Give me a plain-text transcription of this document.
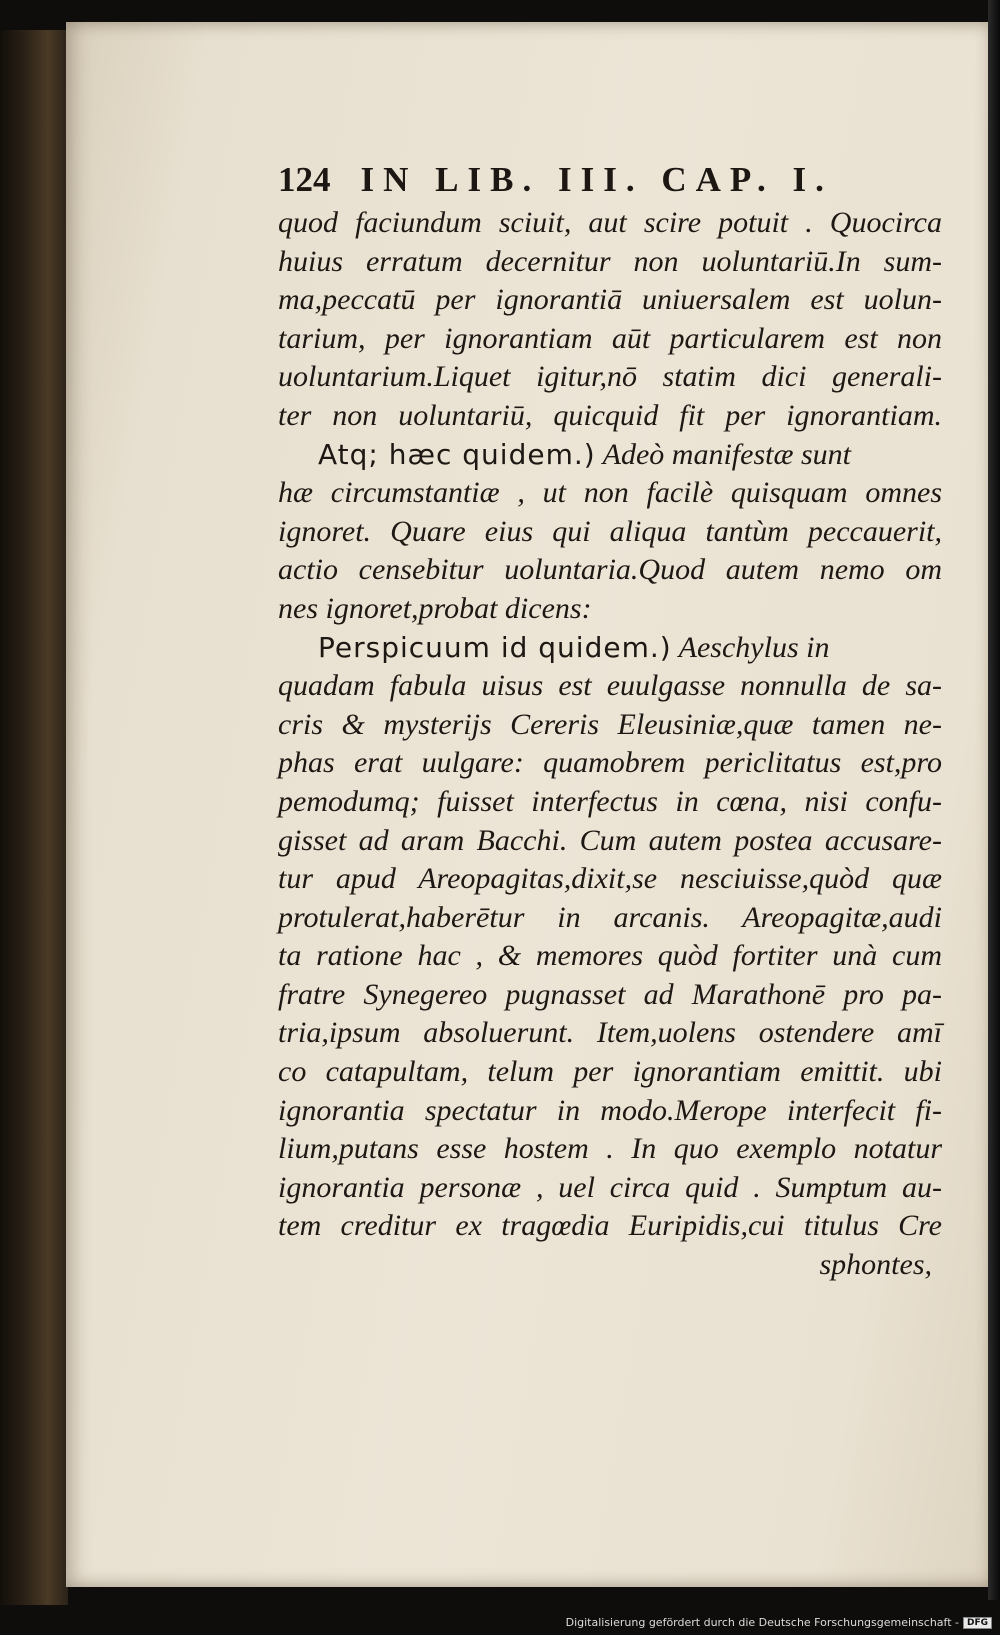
124 IN LIB. III. CAP. I.
quod faciundum sciuit, aut scire potuit . Quocirca
huius erratum decernitur non uoluntariū.In sum-
ma,peccatū per ignorantiā uniuersalem est uolun-
tarium, per ignorantiam aūt particularem est non
uoluntarium.Liquet igitur,nō statim dici generali-
ter non uoluntariū, quicquid fit per ignorantiam.
Atq; hæc quidem.) Adeò manifestæ sunt
hæ circumstantiæ , ut non facilè quisquam omnes
ignoret. Quare eius qui aliqua tantùm peccauerit,
actio censebitur uoluntaria.Quod autem nemo om
nes ignoret,probat dicens:
Perspicuum id quidem.) Aeschylus in
quadam fabula uisus est euulgasse nonnulla de sa-
cris & mysterijs Cereris Eleusiniæ,quæ tamen ne-
phas erat uulgare: quamobrem periclitatus est,pro
pemodumq; fuisset interfectus in cœna, nisi confu-
gisset ad aram Bacchi. Cum autem postea accusare-
tur apud Areopagitas,dixit,se nesciuisse,quòd quæ
protulerat,haberētur in arcanis. Areopagitæ,audi
ta ratione hac , & memores quòd fortiter unà cum
fratre Synegereo pugnasset ad Marathonē pro pa-
tria,ipsum absoluerunt. Item,uolens ostendere amī
co catapultam, telum per ignorantiam emittit. ubi
ignorantia spectatur in modo.Merope interfecit fi-
lium,putans esse hostem . In quo exemplo notatur
ignorantia personæ , uel circa quid . Sumptum au-
tem creditur ex tragœdia Euripidis,cui titulus Cre
sphontes,
Digitalisierung gefördert durch die Deutsche Forschungsgemeinschaft - DFG
